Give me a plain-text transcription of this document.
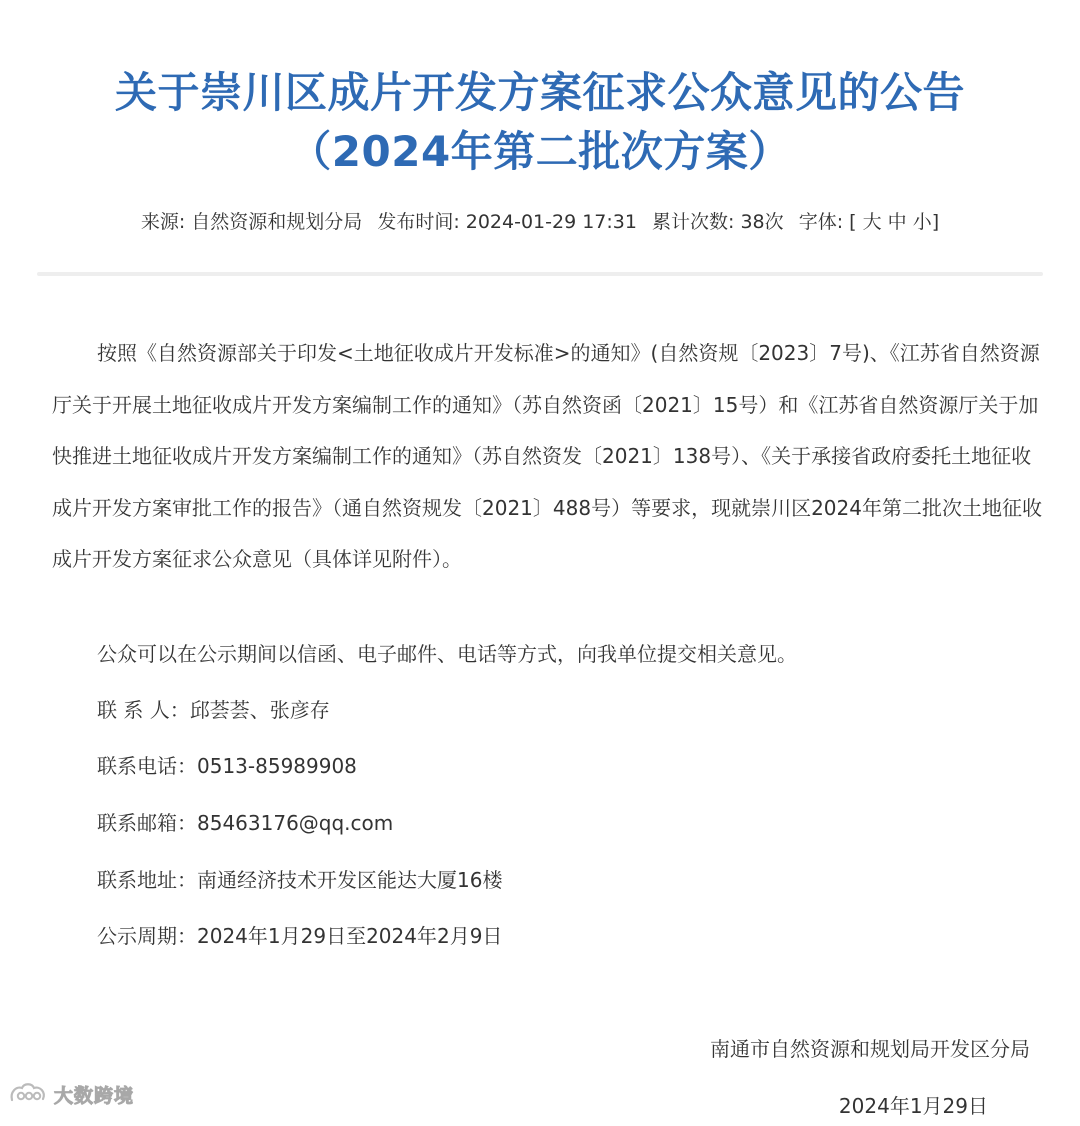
关于崇川区成片开发方案征求公众意见的公告
（2024年第二批次方案）
来源: 自然资源和规划分局 发布时间: 2024-01-29 17:31 累计次数: 38次 字体: [ 大 中 小]

按照《自然资源部关于印发<土地征收成片开发标准>的通知》(自然资规〔2023〕7号)、《江苏省自然资源厅关于开展土地征收成片开发方案编制工作的通知》（苏自然资函〔2021〕15号）和《江苏省自然资源厅关于加快推进土地征收成片开发方案编制工作的通知》（苏自然资发〔2021〕138号）、《关于承接省政府委托土地征收成片开发方案审批工作的报告》（通自然资规发〔2021〕488号）等要求，现就崇川区2024年第二批次土地征收成片开发方案征求公众意见（具体详见附件）。

公众可以在公示期间以信函、电子邮件、电话等方式，向我单位提交相关意见。
联 系 人：邱荟荟、张彦存
联系电话：0513-85989908
联系邮箱：85463176@qq.com
联系地址：南通经济技术开发区能达大厦16楼
公示周期：2024年1月29日至2024年2月9日
南通市自然资源和规划局开发区分局
2024年1月29日
大数跨境
